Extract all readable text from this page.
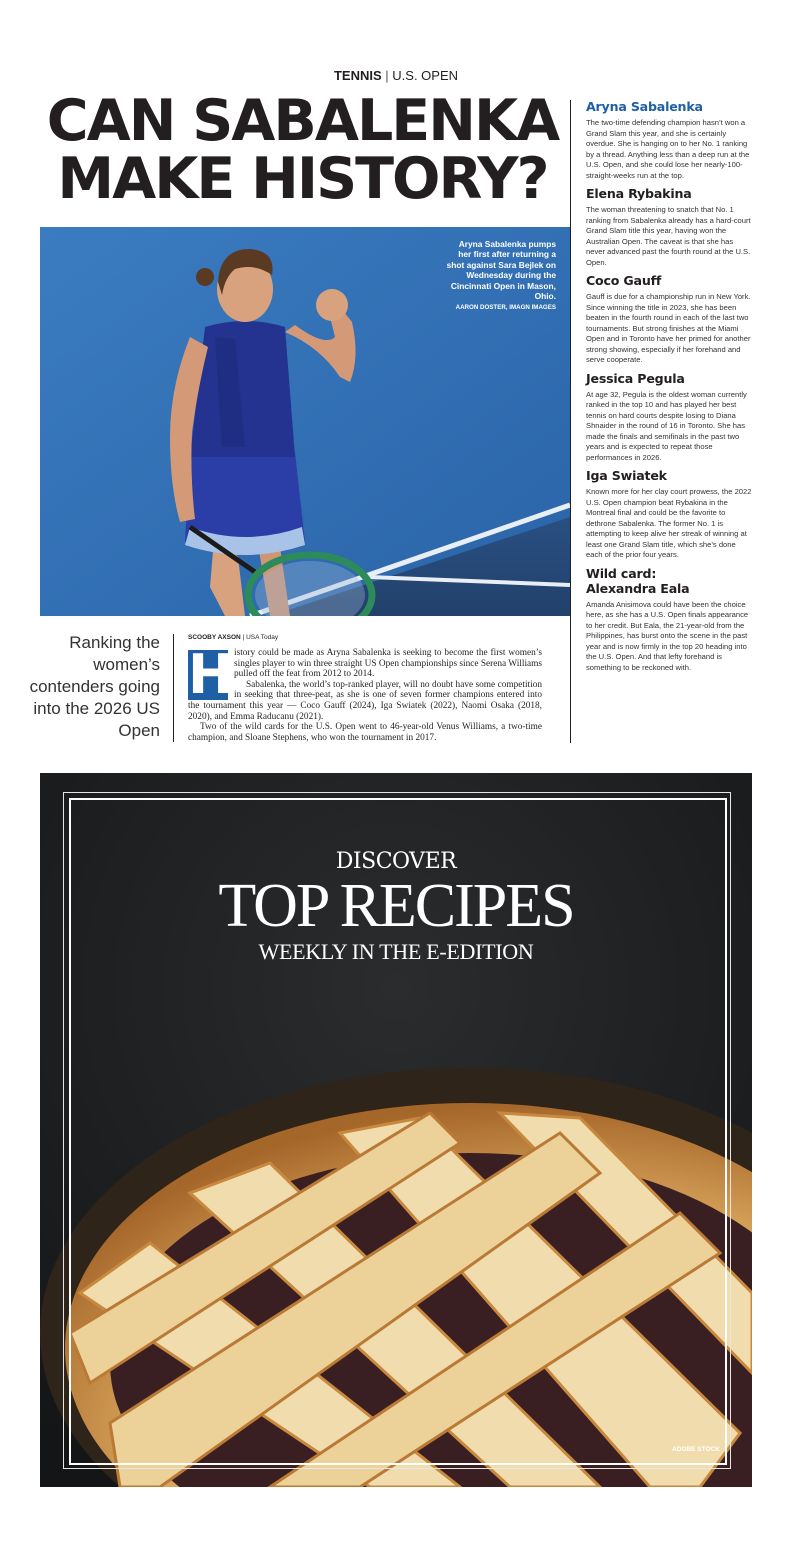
TENNIS | U.S. OPEN
CAN SABALENKA
MAKE HISTORY?
Aryna Sabalenka pumps her first after returning a shot against Sara Bejlek on Wednesday during the Cincinnati Open in Mason, Ohio.
AARON DOSTER, IMAGN IMAGES
Ranking the women’s contenders going into the 2026 US Open
SCOOBY AXSON | USA Today

H istory could be made as Aryna Sabalenka is seeking to become the first women’s singles player to win three straight US Open championships since Serena Williams pulled off the feat from 2012 to 2014.

Sabalenka, the world’s top-ranked player, will no doubt have some competition in seeking that three-peat, as she is one of seven former champions entered into the tournament this year — Coco Gauff (2024), Iga Swiatek (2022), Naomi Osaka (2018, 2020), and Emma Raducanu (2021).

Two of the wild cards for the U.S. Open went to 46-year-old Venus Williams, a two-time champion, and Sloane Stephens, who won the tournament in 2017.

Aryna Sabalenka

The two-time defending champion hasn’t won a Grand Slam this year, and she is certainly overdue. She is hanging on to her No. 1 ranking by a thread. Anything less than a deep run at the U.S. Open, and she could lose her nearly-100-straight-weeks run at the top.

Elena Rybakina

The woman threatening to snatch that No. 1 ranking from Sabalenka already has a hard-court Grand Slam title this year, having won the Australian Open. The caveat is that she has never advanced past the fourth round at the U.S. Open.

Coco Gauff

Gauff is due for a championship run in New York. Since winning the title in 2023, she has been beaten in the fourth round in each of the last two tournaments. But strong finishes at the Miami Open and in Toronto have her primed for another strong showing, especially if her forehand and serve cooperate.

Jessica Pegula

At age 32, Pegula is the oldest woman currently ranked in the top 10 and has played her best tennis on hard courts despite losing to Diana Shnaider in the round of 16 in Toronto. She has made the finals and semifinals in the past two years and is expected to repeat those performances in 2026.

Iga Swiatek

Known more for her clay court prowess, the 2022 U.S. Open champion beat Rybakina in the Montreal final and could be the favorite to dethrone Sabalenka. The former No. 1 is attempting to keep alive her streak of winning at least one Grand Slam title, which she’s done each of the prior four years.

Wild card:
Alexandra Eala

Amanda Anisimova could have been the choice here, as she has a U.S. Open finals appearance to her credit. But Eala, the 21-year-old from the Philippines, has burst onto the scene in the past year and is now firmly in the top 20 heading into the U.S. Open. And that lefty forehand is something to be reckoned with.

DISCOVER
TOP RECIPES
WEEKLY IN THE E-EDITION
ADOBE STOCK
